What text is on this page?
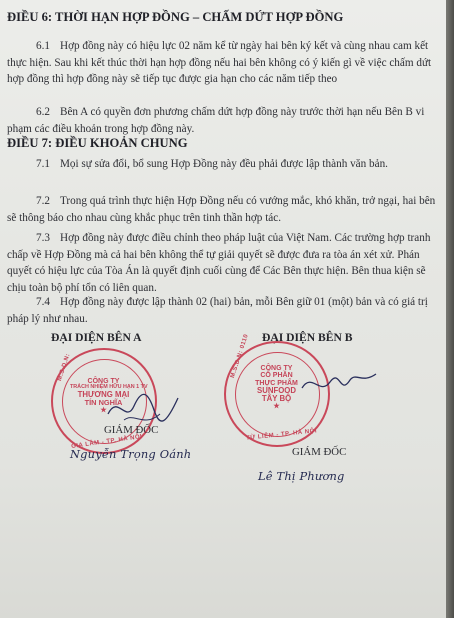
ĐIỀU 6: THỜI HẠN HỢP ĐỒNG – CHẤM DỨT HỢP ĐỒNG
6.1 Hợp đồng này có hiệu lực 02 năm kể từ ngày hai bên ký kết và cùng nhau cam kết thực hiện. Sau khi kết thúc thời hạn hợp đồng nếu hai bên không có ý kiến gì về việc chấm dứt hợp đồng thì hợp đồng này sẽ tiếp tục được gia hạn cho các năm tiếp theo
6.2 Bên A có quyền đơn phương chấm dứt hợp đồng này trước thời hạn nếu Bên B vi phạm các điều khoản trong hợp đồng này.
ĐIỀU 7: ĐIỀU KHOẢN CHUNG
7.1 Mọi sự sửa đổi, bổ sung Hợp Đồng này đều phải được lập thành văn bản.
7.2 Trong quá trình thực hiện Hợp Đồng nếu có vướng mắc, khó khăn, trở ngại, hai bên sẽ thông báo cho nhau cùng khắc phục trên tinh thần hợp tác.
7.3 Hợp đồng này được điều chỉnh theo pháp luật của Việt Nam. Các trường hợp tranh chấp về Hợp Đồng mà cả hai bên không thể tự giải quyết sẽ được đưa ra tòa án xét xử. Phán quyết có hiệu lực của Tòa Án là quyết định cuối cùng để Các Bên thực hiện. Bên thua kiện sẽ chịu toàn bộ phí tổn có liên quan.
7.4 Hợp đồng này được lập thành 02 (hai) bản, mỗi Bên giữ 01 (một) bản và có giá trị pháp lý như nhau.
ĐẠI DIỆN BÊN A
M.S.D.N:
GIA LÂM - TP. HÀ NỘI
CÔNG TY
TRÁCH NHIỆM HỮU HẠN 1 TV
THƯƠNG MẠI
TÍN NGHĨA
★
GIÁM ĐỐC
Nguyễn Trọng Oánh
ĐẠI DIỆN BÊN B
M.S.D.N: 0110
TỪ LIÊM - TP. HÀ NỘI
CÔNG TY
CỔ PHẦN
THỰC PHẨM
SUNFOOD
TÂY BỘ
★
GIÁM ĐỐC
Lê Thị Phương
